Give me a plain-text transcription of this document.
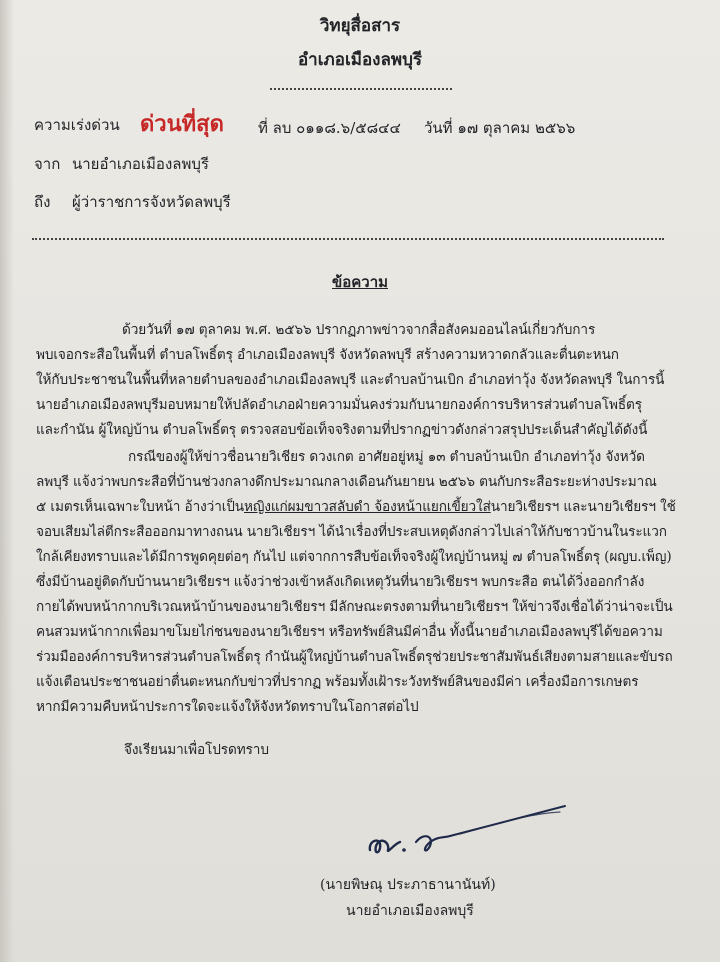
วิทยุสื่อสาร
อำเภอเมืองลพบุรี
ความเร่งด่วน ด่วนที่สุด ที่ ลบ ๐๑๑๘.๖/๕๘๔๔ วันที่ ๑๗ ตุลาคม ๒๕๖๖
จาก นายอำเภอเมืองลพบุรี
ถึง ผู้ว่าราชการจังหวัดลพบุรี
ข้อความ
ด้วยวันที่ ๑๗ ตุลาคม พ.ศ. ๒๕๖๖ ปรากฏภาพข่าวจากสื่อสังคมออนไลน์เกี่ยวกับการ
พบเจอกระสือในพื้นที่ ตำบลโพธิ์ตรุ อำเภอเมืองลพบุรี จังหวัดลพบุรี สร้างความหวาดกลัวและตื่นตะหนก
ให้กับประชาชนในพื้นที่หลายตำบลของอำเภอเมืองลพบุรี และตำบลบ้านเบิก อำเภอท่าวุ้ง จังหวัดลพบุรี ในการนี้
นายอำเภอเมืองลพบุรีมอบหมายให้ปลัดอำเภอฝ่ายความมั่นคงร่วมกับนายกองค์การบริหารส่วนตำบลโพธิ์ตรุ
และกำนัน ผู้ใหญ่บ้าน ตำบลโพธิ์ตรุ ตรวจสอบข้อเท็จจริงตามที่ปรากฏข่าวดังกล่าวสรุปประเด็นสำคัญได้ดังนี้
กรณีของผู้ให้ข่าวชื่อนายวิเชียร ดวงเกต อาศัยอยู่หมู่ ๑๓ ตำบลบ้านเบิก อำเภอท่าวุ้ง จังหวัด
ลพบุรี แจ้งว่าพบกระสือที่บ้านช่วงกลางดึกประมาณกลางเดือนกันยายน ๒๕๖๖ ตนกับกระสือระยะห่างประมาณ
๕ เมตรเห็นเฉพาะใบหน้า อ้างว่าเป็นหญิงแก่ผมขาวสลับดำ จ้องหน้าแยกเขี้ยวใส่นายวิเชียรฯ และนายวิเชียรฯ ใช้
จอบเสียมไล่ตีกระสือออกมาทางถนน นายวิเชียรฯ ได้นำเรื่องที่ประสบเหตุดังกล่าวไปเล่าให้กับชาวบ้านในระแวก
ใกล้เคียงทราบและได้มีการพูดคุยต่อๆ กันไป แต่จากการสืบข้อเท็จจริงผู้ใหญ่บ้านหมู่ ๗ ตำบลโพธิ์ตรุ (ผญบ.เพ็ญ)
ซึ่งมีบ้านอยู่ติดกับบ้านนายวิเชียรฯ แจ้งว่าช่วงเข้าหลังเกิดเหตุวันที่นายวิเชียรฯ พบกระสือ ตนได้วิ่งออกกำลัง
กายได้พบหน้ากากบริเวณหน้าบ้านของนายวิเชียรฯ มีลักษณะตรงตามที่นายวิเชียรฯ ให้ข่าวจึงเชื่อได้ว่าน่าจะเป็น
คนสวมหน้ากากเพื่อมาขโมยไก่ชนของนายวิเชียรฯ หรือทรัพย์สินมีค่าอื่น ทั้งนี้นายอำเภอเมืองลพบุรีได้ขอความ
ร่วมมือองค์การบริหารส่วนตำบลโพธิ์ตรุ กำนันผู้ใหญ่บ้านตำบลโพธิ์ตรุช่วยประชาสัมพันธ์เสียงตามสายและขับรถ
แจ้งเตือนประชาชนอย่าตื่นตะหนกกับข่าวที่ปรากฏ พร้อมทั้งเฝ้าระวังทรัพย์สินของมีค่า เครื่องมือการเกษตร
หากมีความคืบหน้าประการใดจะแจ้งให้จังหวัดทราบในโอกาสต่อไป
จึงเรียนมาเพื่อโปรดทราบ
(นายพิษณุ ประภาธานานันท์)
นายอำเภอเมืองลพบุรี
